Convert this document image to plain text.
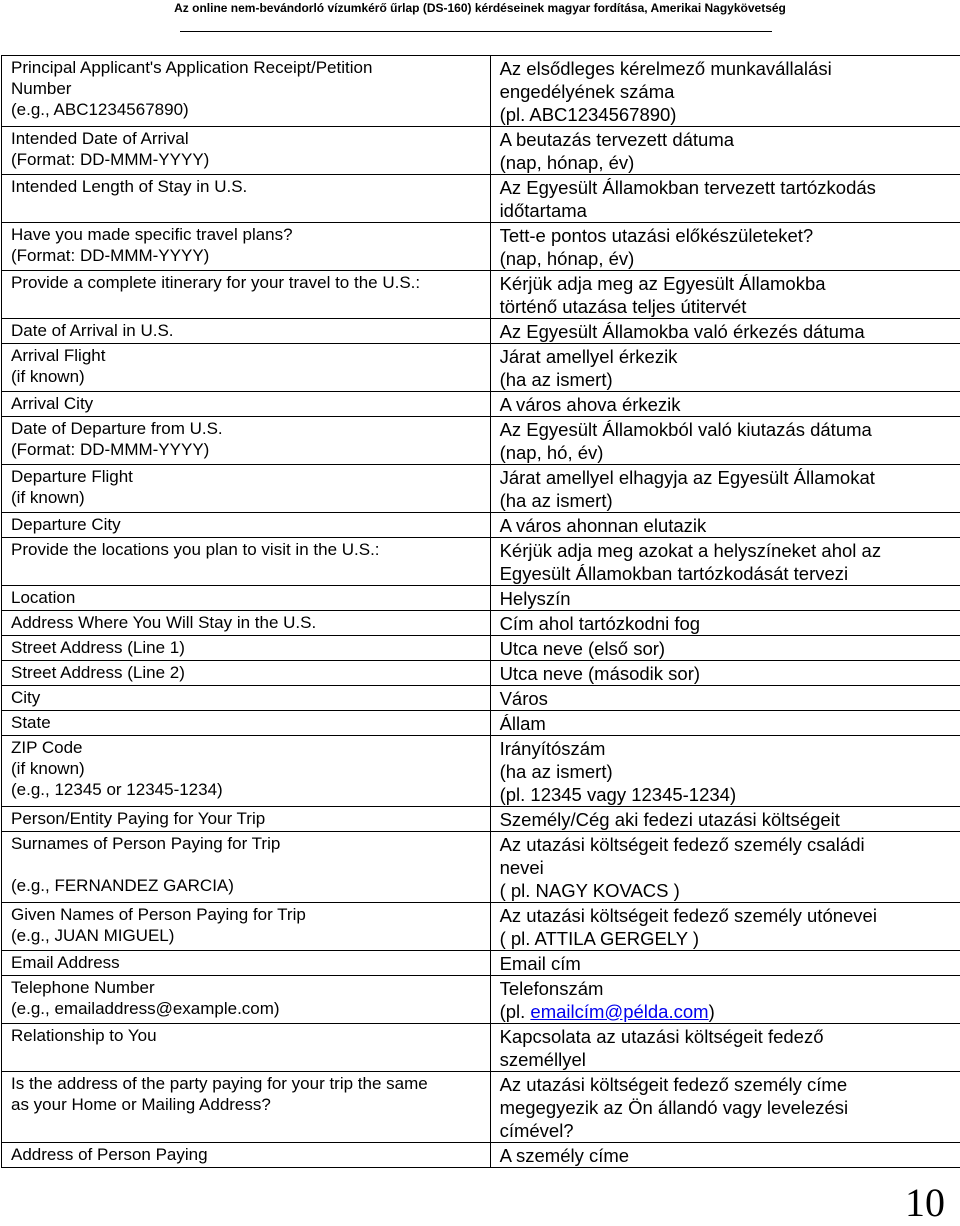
Az online nem-bevándorló vízumkérő űrlap (DS-160) kérdéseinek magyar fordítása, Amerikai Nagykövetség
Principal Applicant's Application Receipt/Petition
Number
(e.g., ABC1234567890)	Az elsődleges kérelmező munkavállalási
engedélyének száma
(pl. ABC1234567890)

Intended Date of Arrival
(Format: DD-MMM-YYYY)	A beutazás tervezett dátuma
(nap, hónap, év)

Intended Length of Stay in U.S.	Az Egyesült Államokban tervezett tartózkodás
időtartama

Have you made specific travel plans?
(Format: DD-MMM-YYYY)	Tett-e pontos utazási előkészületeket?
(nap, hónap, év)

Provide a complete itinerary for your travel to the U.S.:	Kérjük adja meg az Egyesült Államokba
történő utazása teljes útitervét

Date of Arrival in U.S.	Az Egyesült Államokba való érkezés dátuma

Arrival Flight
(if known)	Járat amellyel érkezik
(ha az ismert)

Arrival City	A város ahova érkezik

Date of Departure from U.S.
(Format: DD-MMM-YYYY)	Az Egyesült Államokból való kiutazás dátuma
(nap, hó, év)

Departure Flight
(if known)	Járat amellyel elhagyja az Egyesült Államokat
(ha az ismert)

Departure City	A város ahonnan elutazik

Provide the locations you plan to visit in the U.S.:	Kérjük adja meg azokat a helyszíneket ahol az
Egyesült Államokban tartózkodását tervezi

Location	Helyszín

Address Where You Will Stay in the U.S.	Cím ahol tartózkodni fog

Street Address (Line 1)	Utca neve (első sor)

Street Address (Line 2)	Utca neve (második sor)

City	Város

State	Állam

ZIP Code
(if known)
(e.g., 12345 or 12345-1234)	Irányítószám
(ha az ismert)
(pl. 12345 vagy 12345-1234)

Person/Entity Paying for Your Trip	Személy/Cég aki fedezi utazási költségeit

Surnames of Person Paying for Trip

(e.g., FERNANDEZ GARCIA)	Az utazási költségeit fedező személy családi
nevei
( pl. NAGY KOVACS )

Given Names of Person Paying for Trip
(e.g., JUAN MIGUEL)	Az utazási költségeit fedező személy utónevei
( pl. ATTILA GERGELY )

Email Address	Email cím

Telephone Number
(e.g., emailaddress@example.com)	Telefonszám
(pl. emailcím@példa.com)

Relationship to You	Kapcsolata az utazási költségeit fedező
személlyel

Is the address of the party paying for your trip the same
as your Home or Mailing Address?	Az utazási költségeit fedező személy címe
megegyezik az Ön állandó vagy levelezési
címével?

Address of Person Paying	A személy címe
10
